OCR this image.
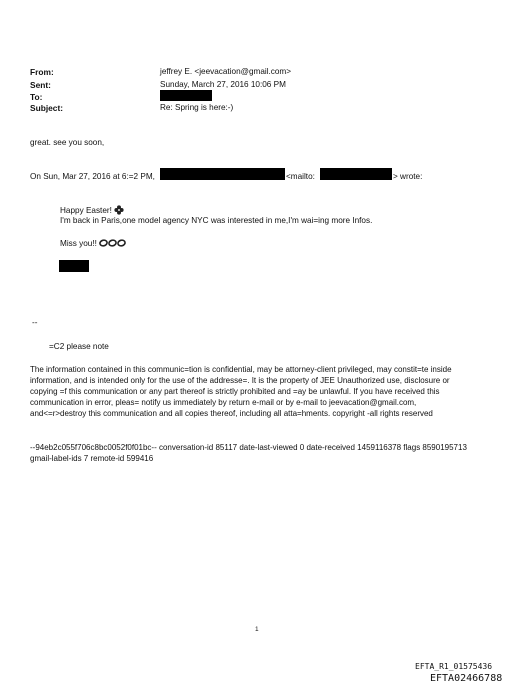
From:	jeffrey E. <jeevacation@gmail.com>
Sent:	Sunday, March 27, 2016 10:06 PM
To:
Subject:	Re: Spring is here:-)
great. see you soon,
On Sun, Mar 27, 2016 at 6:=2 PM,	<mailto:	> wrote:
Happy Easter!
I'm back in Paris,one model agency NYC was interested in me,I'm wai=ing more Infos.
Miss you!!
--
=C2 please note
The information contained in this communic=tion is confidential, may be attorney-client privileged, may constit=te inside information, and is intended only for the use of the addresse=. It is the property of JEE Unauthorized use, disclosure or copying =f this communication or any part thereof is strictly prohibited and =ay be unlawful. If you have received this communication in error, pleas= notify us immediately by return e-mail or by e-mail to jeevacation@gmail.com, and<=r>destroy this communication and all copies thereof, including all atta=hments. copyright -all rights reserved
--94eb2c055f706c8bc0052f0f01bc-- conversation-id 85117 date-last-viewed 0 date-received 1459116378 flags 8590195713 gmail-label-ids 7 remote-id 599416
1
EFTA_R1_01575436
EFTA02466788
